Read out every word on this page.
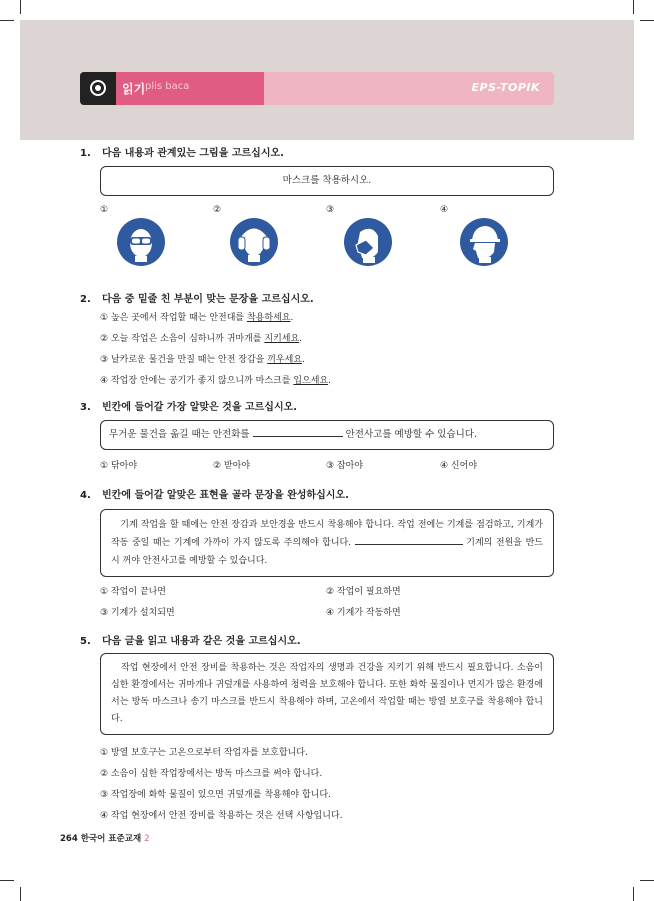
읽기 plis baca	EPS-TOPIK
1. 다음 내용과 관계있는 그림을 고르십시오.
마스크를 착용하시오.
①	②	③	④
2. 다음 중 밑줄 친 부분이 맞는 문장을 고르십시오.
① 높은 곳에서 작업할 때는 안전대를 착용하세요.
② 오늘 작업은 소음이 심하니까 귀마개를 지키세요.
③ 날카로운 물건을 만질 때는 안전 장갑을 끼우세요.
④ 작업장 안에는 공기가 좋지 않으니까 마스크를 입으세요.
3. 빈칸에 들어갈 가장 알맞은 것을 고르십시오.
무거운 물건을 옮길 때는 안전화를	안전사고를 예방할 수 있습니다.
① 닦아야	② 받아야	③ 잡아야	④ 신어야
4. 빈칸에 들어갈 알맞은 표현을 골라 문장을 완성하십시오.
기계 작업을 할 때에는 안전 장갑과 보안경을 반드시 착용해야 합니다. 작업 전에는 기계를 점검하고, 기계가 작동 중일 때는 기계에 가까이 가지 않도록 주의해야 합니다.	기계의 전원을 반드시 꺼야 안전사고를 예방할 수 있습니다.
① 작업이 끝나면	② 작업이 필요하면
③ 기계가 설치되면	④ 기계가 작동하면
5. 다음 글을 읽고 내용과 같은 것을 고르십시오.
작업 현장에서 안전 장비를 착용하는 것은 작업자의 생명과 건강을 지키기 위해 반드시 필요합니다. 소음이 심한 환경에서는 귀마개나 귀덮개를 사용하여 청력을 보호해야 합니다. 또한 화학 물질이나 먼지가 많은 환경에서는 방독 마스크나 송기 마스크를 반드시 착용해야 하며, 고온에서 작업할 때는 방열 보호구를 착용해야 합니다.
① 방열 보호구는 고온으로부터 작업자를 보호합니다.
② 소음이 심한 작업장에서는 방독 마스크를 써야 합니다.
③ 작업장에 화학 물질이 있으면 귀덮개를 착용해야 합니다.
④ 작업 현장에서 안전 장비를 착용하는 것은 선택 사항입니다.
264 한국어 표준교재 2
